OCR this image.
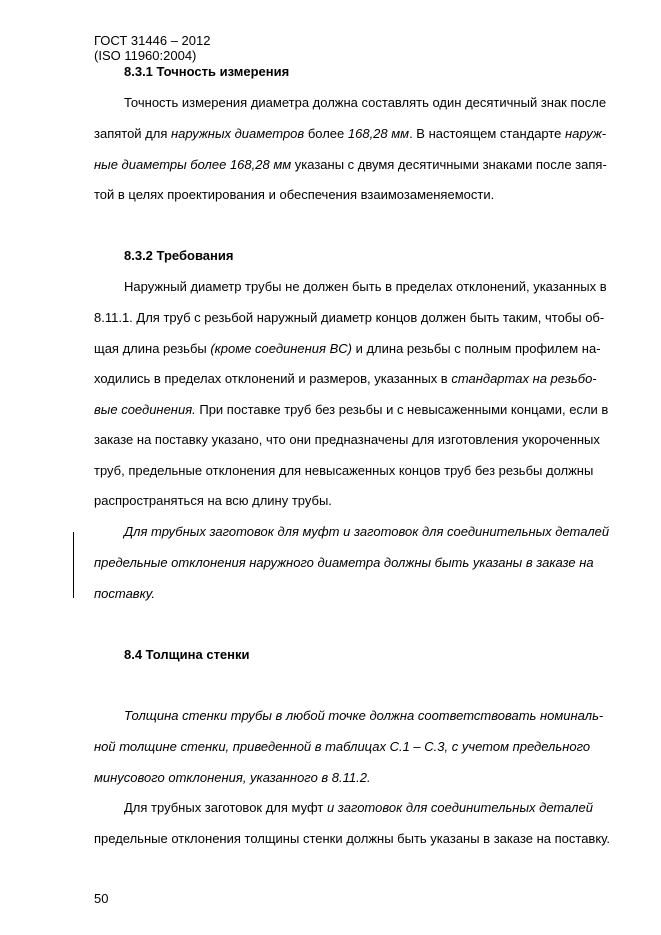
ГОСТ 31446 – 2012
(ISO 11960:2004)
8.3.1 Точность измерения
Точность измерения диаметра должна составлять один десятичный знак после
запятой для наружных диаметров более 168,28 мм. В настоящем стандарте наруж-
ные диаметры более 168,28 мм указаны с двумя десятичными знаками после запя-
той в целях проектирования и обеспечения взаимозаменяемости.
8.3.2 Требования
Наружный диаметр трубы не должен быть в пределах отклонений, указанных в
8.11.1. Для труб с резьбой наружный диаметр концов должен быть таким, чтобы об-
щая длина резьбы (кроме соединения BC) и длина резьбы с полным профилем на-
ходились в пределах отклонений и размеров, указанных в стандартах на резьбо-
вые соединения. При поставке труб без резьбы и с невысаженными концами, если в
заказе на поставку указано, что они предназначены для изготовления укороченных
труб, предельные отклонения для невысаженных концов труб без резьбы должны
распространяться на всю длину трубы.
Для трубных заготовок для муфт и заготовок для соединительных деталей
предельные отклонения наружного диаметра должны быть указаны в заказе на
поставку.
8.4 Толщина стенки
Толщина стенки трубы в любой точке должна соответствовать номиналь-
ной толщине стенки, приведенной в таблицах С.1 – С.3, с учетом предельного
минусового отклонения, указанного в 8.11.2.
Для трубных заготовок для муфт и заготовок для соединительных деталей
предельные отклонения толщины стенки должны быть указаны в заказе на поставку.
50
